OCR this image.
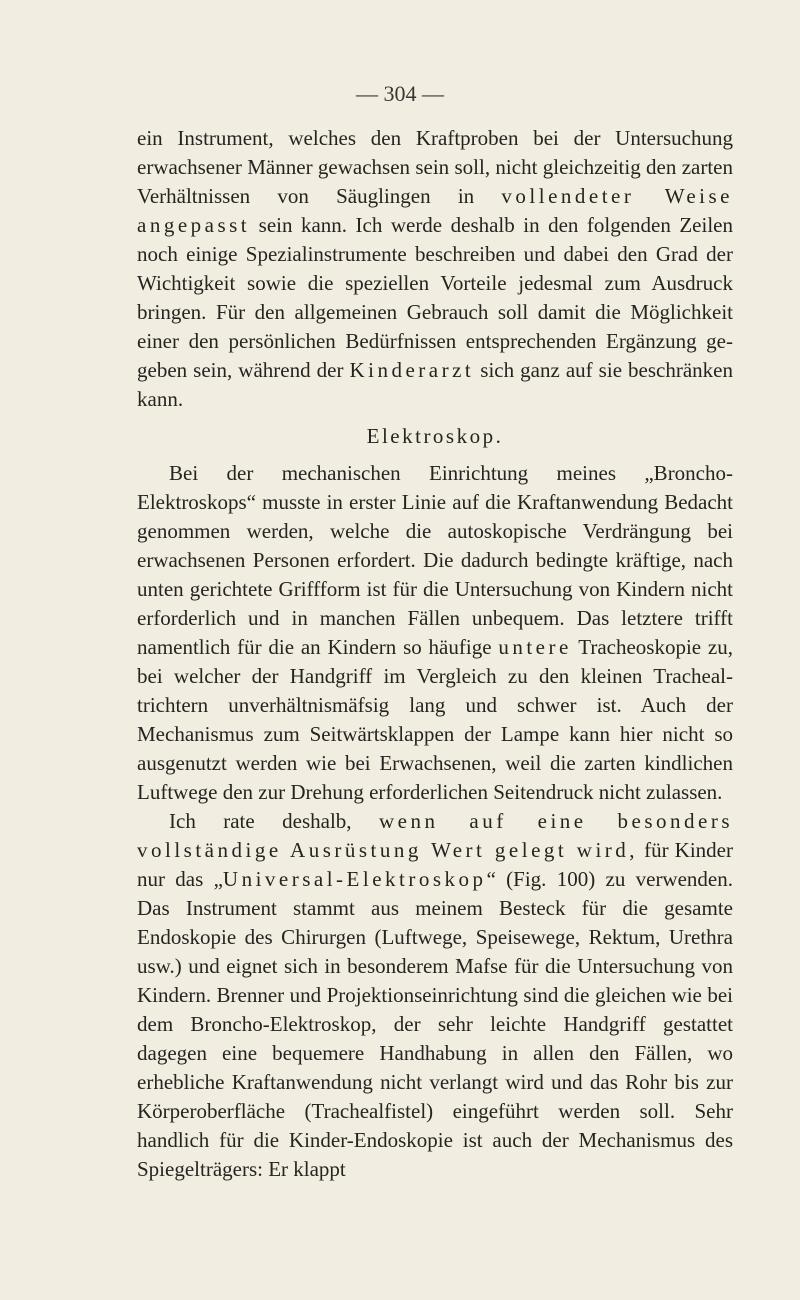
— 304 —

ein Instrument, welches den Kraftproben bei der Untersuchung erwachsener Männer gewachsen sein soll, nicht gleichzeitig den zarten Verhältnissen von Säuglingen in vollendeter Weise angepasst sein kann. Ich werde deshalb in den folgenden Zeilen noch einige Spezialinstrumente beschreiben und dabei den Grad der Wichtigkeit sowie die speziellen Vorteile jedesmal zum Ausdruck bringen. Für den allgemeinen Gebrauch soll damit die Möglichkeit einer den persönlichen Bedürfnissen entsprechenden Ergänzung gegeben sein, während der Kinderarzt sich ganz auf sie beschränken kann.

Elektroskop.

Bei der mechanischen Einrichtung meines „Broncho-Elektroskops“ musste in erster Linie auf die Kraftanwendung Bedacht genommen werden, welche die autoskopische Verdrängung bei erwachsenen Personen erfordert. Die dadurch bedingte kräftige, nach unten gerichtete Griffform ist für die Untersuchung von Kindern nicht erforderlich und in manchen Fällen unbequem. Das letztere trifft namentlich für die an Kindern so häufige untere Tracheoskopie zu, bei welcher der Handgriff im Vergleich zu den kleinen Trachealtrichtern unverhältnismäfsig lang und schwer ist. Auch der Mechanismus zum Seitwärtsklappen der Lampe kann hier nicht so ausgenutzt werden wie bei Erwachsenen, weil die zarten kindlichen Luftwege den zur Drehung erforderlichen Seitendruck nicht zulassen.

Ich rate deshalb, wenn auf eine besonders vollständige Ausrüstung Wert gelegt wird, für Kinder nur das „Universal-Elektroskop“ (Fig. 100) zu verwenden. Das Instrument stammt aus meinem Besteck für die gesamte Endoskopie des Chirurgen (Luftwege, Speisewege, Rektum, Urethra usw.) und eignet sich in besonderem Mafse für die Untersuchung von Kindern. Brenner und Projektionseinrichtung sind die gleichen wie bei dem Broncho-Elektroskop, der sehr leichte Handgriff gestattet dagegen eine bequemere Handhabung in allen den Fällen, wo erhebliche Kraftanwendung nicht verlangt wird und das Rohr bis zur Körperoberfläche (Trachealfistel) eingeführt werden soll. Sehr handlich für die Kinder-Endoskopie ist auch der Mechanismus des Spiegelträgers: Er klappt
